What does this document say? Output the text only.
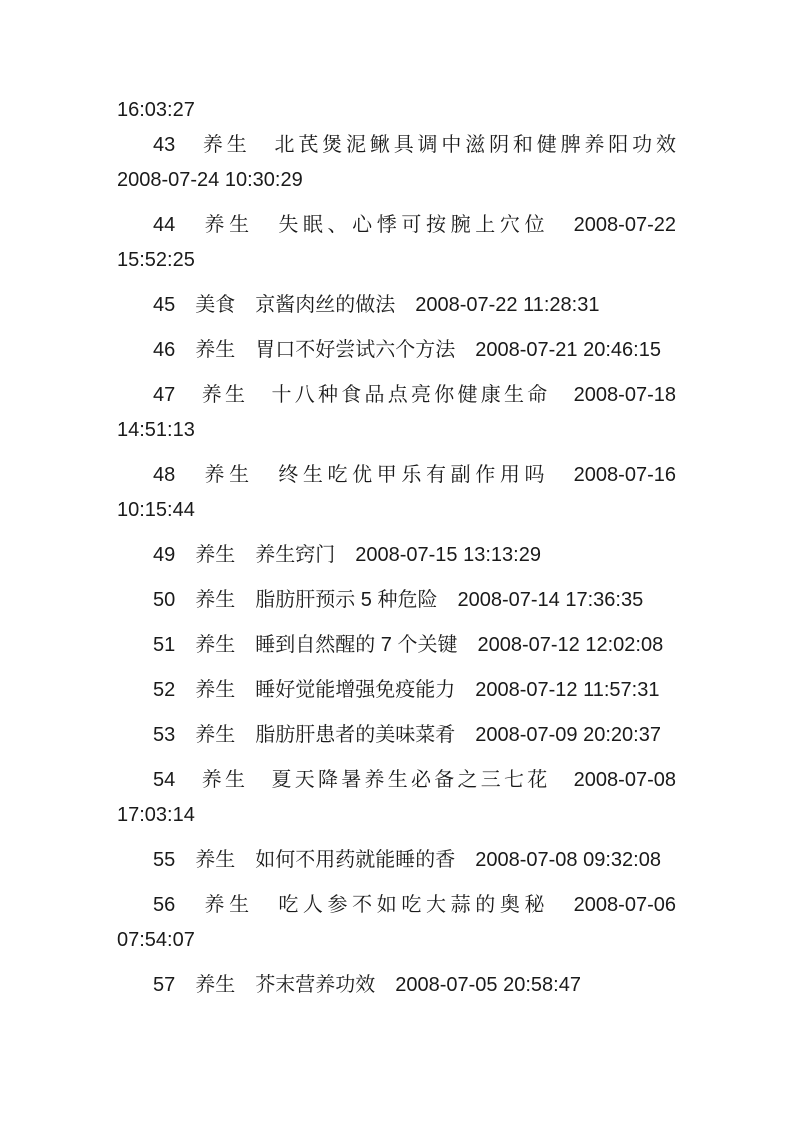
16:03:27

43　养生　北芪煲泥鳅具调中滋阴和健脾养阳功效

2008-07-24 10:30:29

44　养生　失眠、心悸可按腕上穴位　2008-07-22

15:52:25

45　美食　京酱肉丝的做法　2008-07-22 11:28:31

46　养生　胃口不好尝试六个方法　2008-07-21 20:46:15

47　养生　十八种食品点亮你健康生命　2008-07-18

14:51:13

48　养生　终生吃优甲乐有副作用吗　2008-07-16

10:15:44

49　养生　养生窍门　2008-07-15 13:13:29

50　养生　脂肪肝预示 5 种危险　2008-07-14 17:36:35

51　养生　睡到自然醒的 7 个关键　2008-07-12 12:02:08

52　养生　睡好觉能增强免疫能力　2008-07-12 11:57:31

53　养生　脂肪肝患者的美味菜肴　2008-07-09 20:20:37

54　养生　夏天降暑养生必备之三七花　2008-07-08

17:03:14

55　养生　如何不用药就能睡的香　2008-07-08 09:32:08

56　养生　吃人参不如吃大蒜的奥秘　2008-07-06

07:54:07

57　养生　芥末营养功效　2008-07-05 20:58:47
